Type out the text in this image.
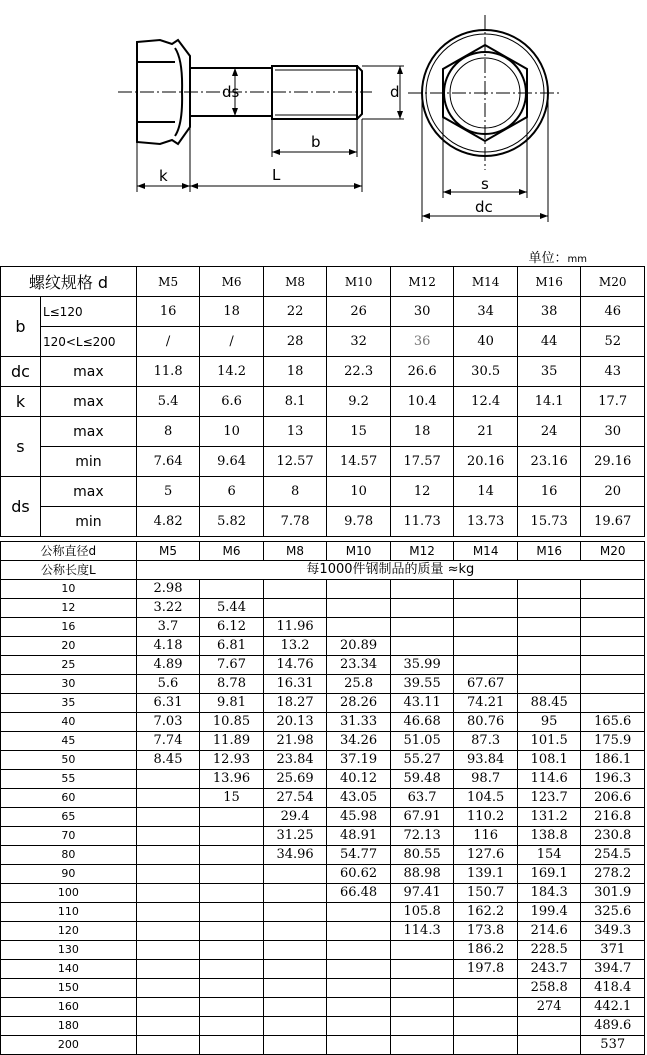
ds	d
b
k	L	s
dc
单位：mm
螺纹规格 d		M5	M6	M8	M10	M12	M14	M16	M20
b	L≤120	16	18	22	26	30	34	38	46
	120<L≤200	/	/	28	32	36	40	44	52
dc	max	11.8	14.2	18	22.3	26.6	30.5	35	43
k	max	5.4	6.6	8.1	9.2	10.4	12.4	14.1	17.7
s	max	8	10	13	15	18	21	24	30
	min	7.64	9.64	12.57	14.57	17.57	20.16	23.16	29.16
ds	max	5	6	8	10	12	14	16	20
	min	4.82	5.82	7.78	9.78	11.73	13.73	15.73	19.67
公称直径d	M5	M6	M8	M10	M12	M14	M16	M20
公称长度L	每1000件钢制品的质量 ≈kg							
10	2.98							
12	3.22	5.44						
16	3.7	6.12	11.96					
20	4.18	6.81	13.2	20.89				
25	4.89	7.67	14.76	23.34	35.99			
30	5.6	8.78	16.31	25.8	39.55	67.67		
35	6.31	9.81	18.27	28.26	43.11	74.21	88.45	
40	7.03	10.85	20.13	31.33	46.68	80.76	95	165.6
45	7.74	11.89	21.98	34.26	51.05	87.3	101.5	175.9
50	8.45	12.93	23.84	37.19	55.27	93.84	108.1	186.1
55		13.96	25.69	40.12	59.48	98.7	114.6	196.3
60		15	27.54	43.05	63.7	104.5	123.7	206.6
65			29.4	45.98	67.91	110.2	131.2	216.8
70			31.25	48.91	72.13	116	138.8	230.8
80			34.96	54.77	80.55	127.6	154	254.5
90				60.62	88.98	139.1	169.1	278.2
100				66.48	97.41	150.7	184.3	301.9
110					105.8	162.2	199.4	325.6
120					114.3	173.8	214.6	349.3
130						186.2	228.5	371
140						197.8	243.7	394.7
150							258.8	418.4
160							274	442.1
180								489.6
200								537
